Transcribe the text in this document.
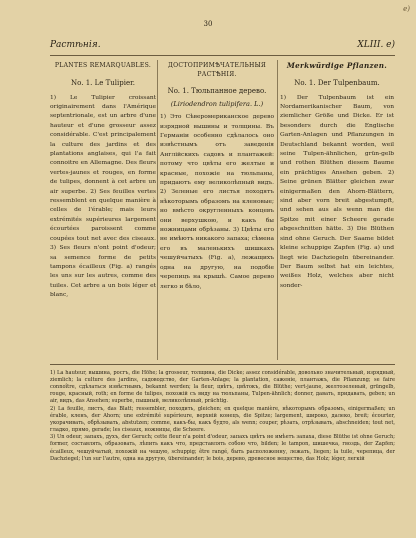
e)
30
Растѣнія.	XLIII. e)

PLANTES REMARQUABLES.

No. 1. Le Tulipier.

1) Le Tulipier croissant originairement dans l'Amérique septentrionale, est un arbre d'une hauteur et d'une grosseur assez considérable. C'est principalement la culture des jardins et des plantations anglaises, qui l'a fait connoitre en Allemagne. Des fleurs vertes-jaunes et rouges, en forme de tulipes, donnent à cet arbre un air superbe. 2) Ses feuilles vertes ressemblent en quelque manière à celles de l'érable; mais leurs extrémités supérieures largement écourtées paroissent comme coupées tout net avec des ciseaux. 3) Ses fleurs n'ont point d'odeur; sa semence forme de petits tampons écailleux (Fig. a) rangés les uns sur les autres, comme des tuiles. Cet arbre a un bois léger et blanc,

ДОСТОПРИМѢЧАТЕЛЬНЫЯ РАСТѢНІЯ.

No. 1. Тюльпанное дерево.

(Liriodendron tulipifera. L.)

1) Это Сѣверомериканское дерево изрядной вышины и толщины. Въ Германіи особенно сдѣлалось оно извѣстнымъ отъ заведенія Англійскихъ садовъ и плантажей: потому что цвѣты его желтые и красные, похожіе на тюльпаны, придаютъ ему великолѣпный видъ. 2) Зеленые его листья походятъ нѣкоторымъ образомъ на кленовые; но вмѣсто округленныхъ концевъ они верхушкою, и какъ бы ножницами обрѣзаны. 3) Цвѣты его не имѣютъ никакого запаха; сѣмена его въ маленькихъ шишкахъ чешуйчатыхъ (Fig. a), лежащихъ одна на другую, на подобіе черепицъ на крышѣ. Самое дерево легко и бѣло,

Merkwürdige Pflanzen.

No. 1. Der Tulpenbaum.

1) Der Tulpenbaum ist ein Nordamerikanischer Baum, von ziemlicher Größe und Dicke. Er ist besonders durch die Englische Garten-Anlagen und Pflanzungen in Deutschland bekannt worden, weil seine Tulpen-ähnlichen, grün-gelb und rothen Blüthen diesem Baume ein prächtiges Ansehen geben. 2) Seine grünen Blätter gleichen zwar einigermaßen den Ahorn-Blättern, sind aber vorn breit abgestumpft, und sehen aus als wenn man die Spitze mit einer Scheere gerade abgeschnitten hätte. 3) Die Blüthen sind ohne Geruch. Der Saame bildet kleine schuppige Zapfen (Fig. a) und liegt wie Dachziegeln übereinander. Der Baum selbst hat ein leichtes, weißes Holz, welches aber nicht sonder-

1) La hauteur, вышина, росгъ, die Höhe; la grosseur, толщина, die Dicke; assez considérable, довольно значительный, изрядный, ziemlich; la culture des jardins, садоводство, der Garten-Anlage; la plantation, саженіе, плантажъ, die Pflanzung; se faire connoître, сдѣлаться извѣстнымъ, bekannt werden; la fleur, цвѣтъ, цвѣтокъ, die Blüthe; vert-jaune, желтозеленый, grüngelb, rouge, красный, roth; en forme de tulipes, похожій съ виду на тюльпаны, Tulpen-ähnlich; donner, давать, придавать, geben; un air, видъ, das Ansehen; superbe, пышный, великолѣпный, prächtig.

2) La feuille, листъ, das Blatt; ressembler, походить, gleichen; en quelque manière, нѣкоторымъ образомъ, einigermaßen; un érable, кленъ, der Ahorn; une extrémité supérieure, верхній конецъ, die Spitze; largement, широко, далеко, breit; écourter, укорачивать, обрѣзывать, abstutzen; comme, какъ-бы, какъ будто, als wenn; couper, рѣзать, отрѣзывать, abschneiden; tout net, гладко, прямо, gerade; les ciseaux, ножницы, die Scheere.

3) Un odeur, запахъ, духъ, der Geruch; cette fleur n'a point d'odeur, запахъ цвѣтъ не имѣетъ запаха, diese Blüthe ist ohne Geruch; former, составлять, образовать, лѣпить какъ что, представлять собою что, bilden; le tampon, шишечка, гвоздь, der Zapfen; écailleux, чешуйчатый, похожій на чешую, schuppig; être rangé, быть расположенну, лежать, liegen; la tuile, черепица, der Dachziegel; l'un sur l'autre, одна на другую, übereinander; le bois, дерево, древесное вещество, das Holz; léger, легкій
